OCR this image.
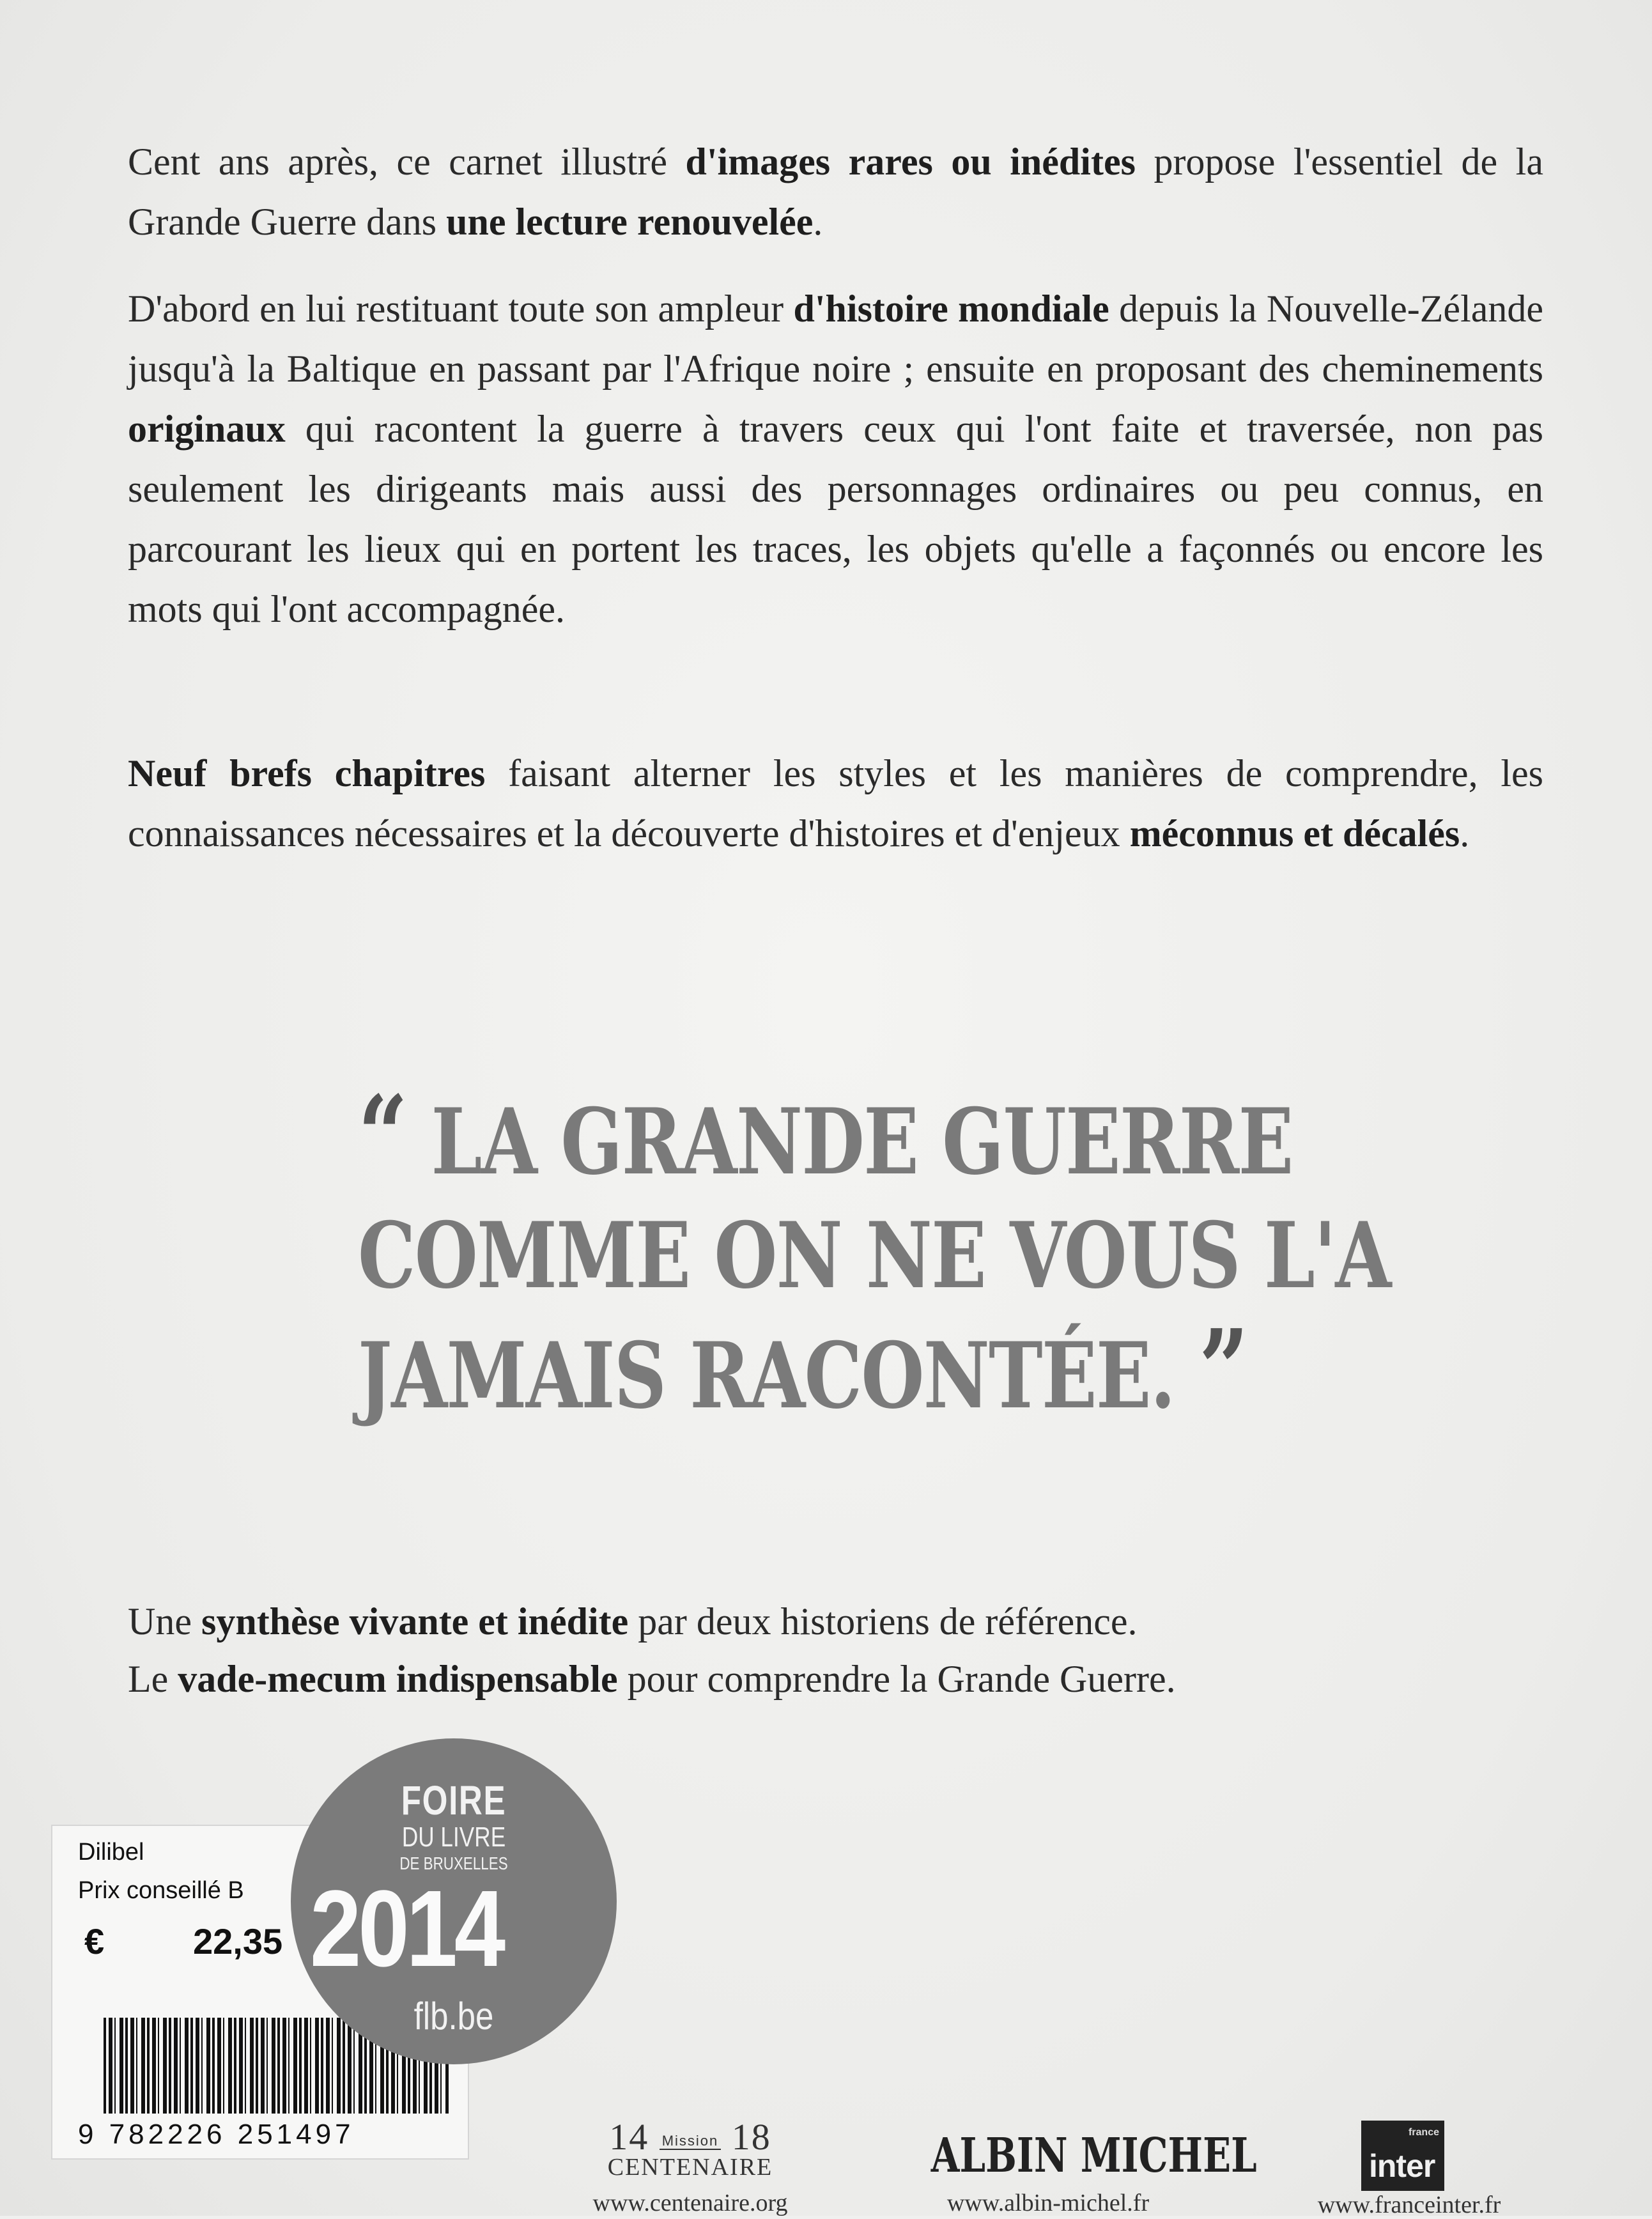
Cent ans après, ce carnet illustré d'images rares ou inédites propose l'essentiel de la Grande Guerre dans une lecture renouvelée.

D'abord en lui restituant toute son ampleur d'histoire mondiale depuis la Nouvelle-Zélande jusqu'à la Baltique en passant par l'Afrique noire ; ensuite en proposant des cheminements originaux qui racontent la guerre à travers ceux qui l'ont faite et traversée, non pas seulement les dirigeants mais aussi des personnages ordinaires ou peu connus, en parcourant les lieux qui en portent les traces, les objets qu'elle a façonnés ou encore les mots qui l'ont accompagnée.

Neuf brefs chapitres faisant alterner les styles et les manières de comprendre, les connaissances nécessaires et la découverte d'histoires et d'enjeux méconnus et décalés.

“ LA GRANDE GUERRE
COMME ON NE VOUS L'A
JAMAIS RACONTÉE. ”
Une synthèse vivante et inédite par deux historiens de référence.
Le vade-mecum indispensable pour comprendre la Grande Guerre.
Dilibel
Prix conseillé B
€ 22,35
9 782226 251497
FOIRE
DU LIVRE
DE BRUXELLES
2014
flb.be
14 Mission 18
CENTENAIRE
www.centenaire.org
ALBIN MICHEL
www.albin-michel.fr
france
inter
www.franceinter.fr
